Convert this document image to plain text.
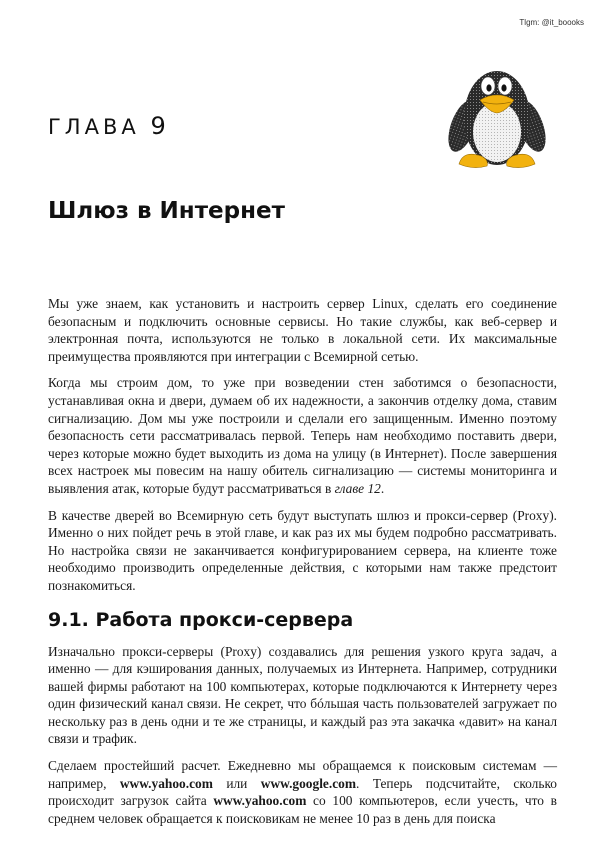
Tlgm: @it_boooks
ГЛАВА 9
Шлюз в Интернет

Мы уже знаем, как установить и настроить сервер Linux, сделать его соединение безопасным и подключить основные сервисы. Но такие службы, как веб-сервер и электронная почта, используются не только в локальной сети. Их максимальные преимущества проявляются при интеграции с Всемирной сетью.

Когда мы строим дом, то уже при возведении стен заботимся о безопасности, устанавливая окна и двери, думаем об их надежности, а закончив отделку дома, ставим сигнализацию. Дом мы уже построили и сделали его защищенным. Именно поэтому безопасность сети рассматривалась первой. Теперь нам необходимо поставить двери, через которые можно будет выходить из дома на улицу (в Интернет). После завершения всех настроек мы повесим на нашу обитель сигнализацию — системы мониторинга и выявления атак, которые будут рассматриваться в главе 12.

В качестве дверей во Всемирную сеть будут выступать шлюз и прокси-сервер (Proxy). Именно о них пойдет речь в этой главе, и как раз их мы будем подробно рассматривать. Но настройка связи не заканчивается конфигурированием сервера, на клиенте тоже необходимо производить определенные действия, с которыми нам также предстоит познакомиться.

9.1. Работа прокси-сервера

Изначально прокси-серверы (Proxy) создавались для решения узкого круга задач, а именно — для кэширования данных, получаемых из Интернета. Например, сотрудники вашей фирмы работают на 100 компьютерах, которые подключаются к Интернету через один физический канал связи. Не секрет, что бóльшая часть пользователей загружает по нескольку раз в день одни и те же страницы, и каждый раз эта закачка «давит» на канал связи и трафик.

Сделаем простейший расчет. Ежедневно мы обращаемся к поисковым системам — например, www.yahoo.com или www.google.com. Теперь подсчитайте, сколько происходит загрузок сайта www.yahoo.com со 100 компьютеров, если учесть, что в среднем человек обращается к поисковикам не менее 10 раз в день для поиска
